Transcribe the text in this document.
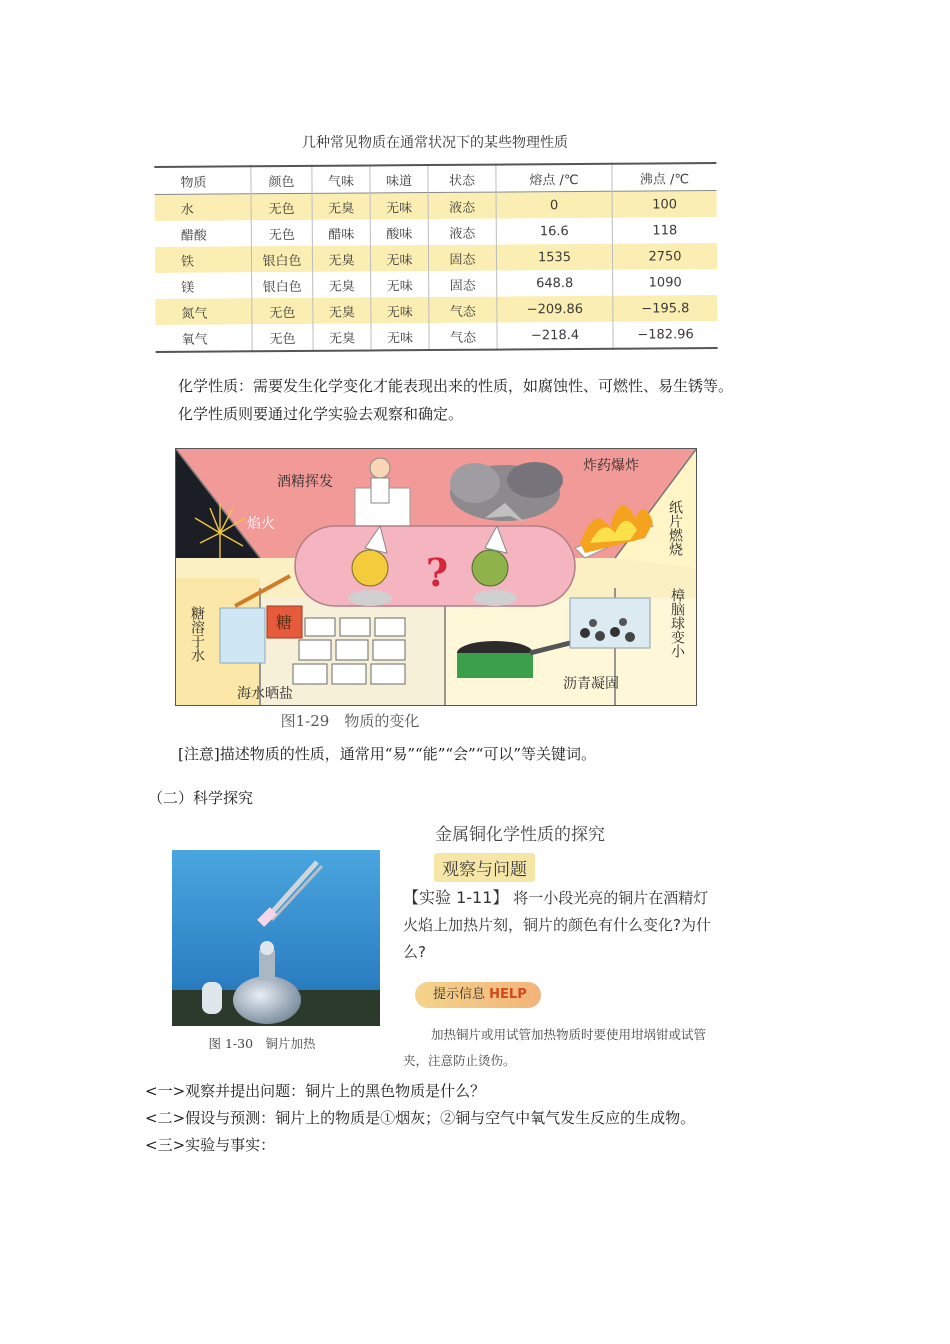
几种常见物质在通常状况下的某些物理性质
物质	颜色	气味	味道	状态	熔点 /℃	沸点 /℃
水	无色	无臭	无味	液态	0	100
醋酸	无色	醋味	酸味	液态	16.6	118
铁	银白色	无臭	无味	固态	1535	2750
镁	银白色	无臭	无味	固态	648.8	1090
氮气	无色	无臭	无味	气态	−209.86	−195.8
氧气	无色	无臭	无味	气态	−218.4	−182.96
化学性质：需要发生化学变化才能表现出来的性质，如腐蚀性、可燃性、易生锈等。
化学性质则要通过化学实验去观察和确定。
?
糖
酒精挥发
炸药爆炸
焰火	纸片燃烧
糖溶于水	樟脑球变小
海水晒盐
沥青凝固
图1-29　物质的变化
[注意]描述物质的性质，通常用“易”“能”“会”“可以”等关键词。
（二）科学探究
金属铜化学性质的探究
观察与问题
【实验 1-11】 将一小段光亮的铜片在酒精灯火焰上加热片刻，铜片的颜色有什么变化?为什么?
提示信息 HELP
加热铜片或用试管加热物质时要使用坩埚钳或试管夹，注意防止烫伤。
图 1-30　铜片加热
<一>观察并提出问题：铜片上的黑色物质是什么？
<二>假设与预测：铜片上的物质是①烟灰；②铜与空气中氧气发生反应的生成物。
<三>实验与事实：
